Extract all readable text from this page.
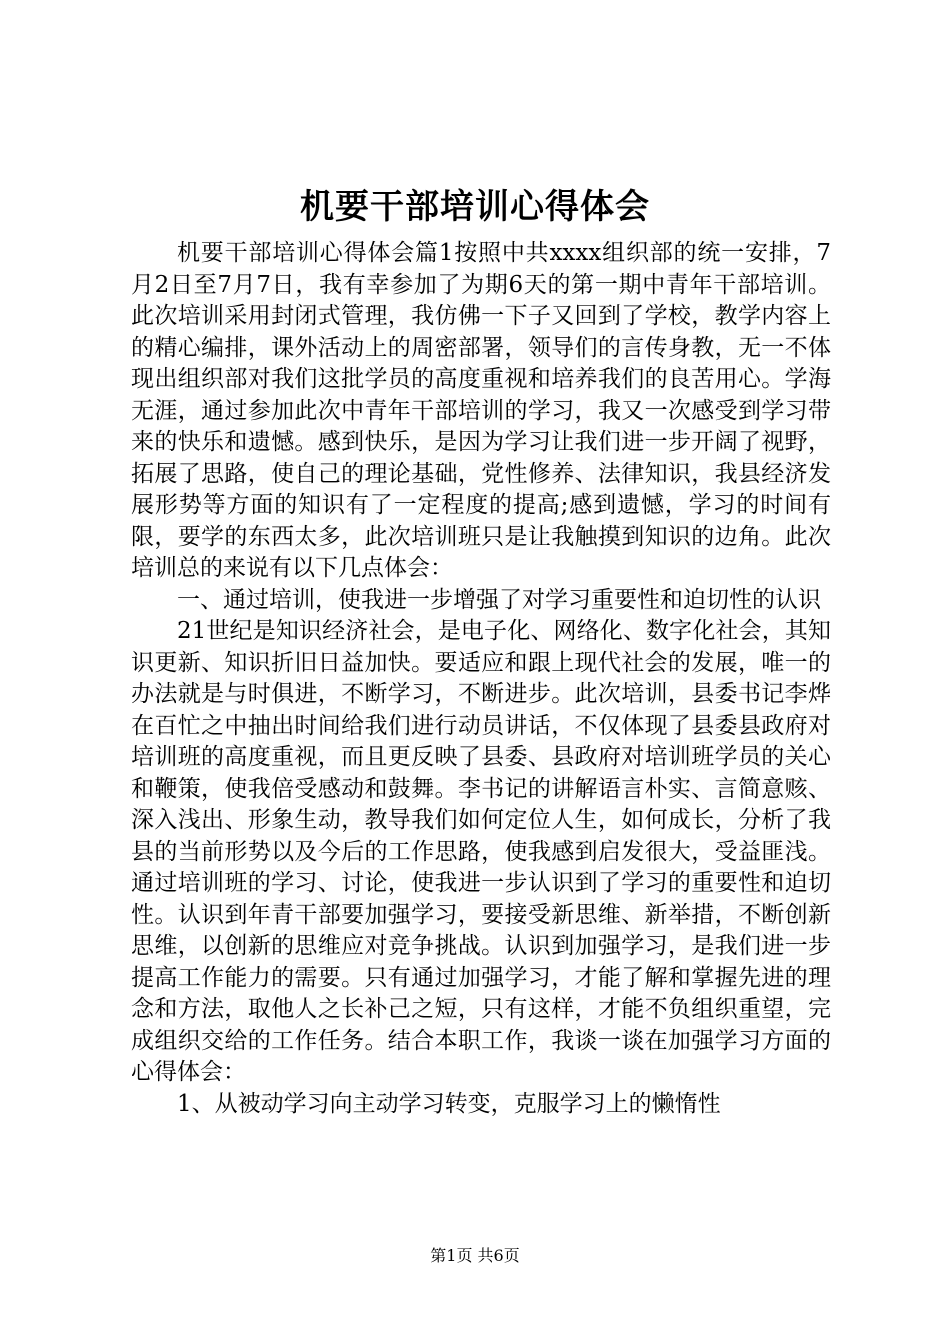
机要干部培训心得体会

机要干部培训心得体会篇1按照中共xxxx组织部的统一安排，7月2日至7月7日，我有幸参加了为期6天的第一期中青年干部培训。此次培训采用封闭式管理，我仿佛一下子又回到了学校，教学内容上的精心编排，课外活动上的周密部署，领导们的言传身教，无一不体现出组织部对我们这批学员的高度重视和培养我们的良苦用心。学海无涯，通过参加此次中青年干部培训的学习，我又一次感受到学习带来的快乐和遗憾。感到快乐，是因为学习让我们进一步开阔了视野，拓展了思路，使自己的理论基础，党性修养、法律知识，我县经济发展形势等方面的知识有了一定程度的提高;感到遗憾，学习的时间有限，要学的东西太多，此次培训班只是让我触摸到知识的边角。此次培训总的来说有以下几点体会：

一、通过培训，使我进一步增强了对学习重要性和迫切性的认识

21世纪是知识经济社会，是电子化、网络化、数字化社会，其知识更新、知识折旧日益加快。要适应和跟上现代社会的发展，唯一的办法就是与时俱进，不断学习，不断进步。此次培训，县委书记李烨在百忙之中抽出时间给我们进行动员讲话，不仅体现了县委县政府对培训班的高度重视，而且更反映了县委、县政府对培训班学员的关心和鞭策，使我倍受感动和鼓舞。李书记的讲解语言朴实、言简意赅、深入浅出、形象生动，教导我们如何定位人生，如何成长，分析了我县的当前形势以及今后的工作思路，使我感到启发很大，受益匪浅。通过培训班的学习、讨论，使我进一步认识到了学习的重要性和迫切性。认识到年青干部要加强学习，要接受新思维、新举措，不断创新思维，以创新的思维应对竞争挑战。认识到加强学习，是我们进一步提高工作能力的需要。只有通过加强学习，才能了解和掌握先进的理念和方法，取他人之长补己之短，只有这样，才能不负组织重望，完成组织交给的工作任务。结合本职工作，我谈一谈在加强学习方面的心得体会：

1、从被动学习向主动学习转变，克服学习上的懒惰性

第1页 共6页
